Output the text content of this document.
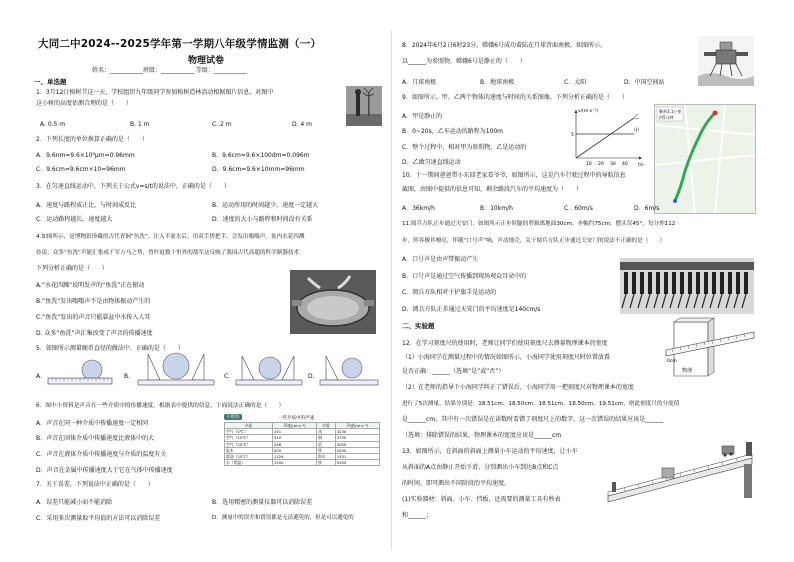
大同二中2024--2025学年第一学期八年级学情监测（一）
物理试卷
姓名：___________班级：___________ 等级：___________
一、单选题
1．3月12日植树节这一天，学校组织九年级同学参加植树造林活动根据图片信息，对图中
这小树的高度估测合理的是（　　）
A. 0.5 m	B. 1 m	C. 2 m	D. 4 m
2．下列长度的单位换算正确的是（　　）
A．9.6nm=9.6×10³μm=0.96mm	B．9.6cm=9.6×100dm=0.096m
C．9.6cm=9.6cm×10=96mm	D．9.6cm=9.6×10mm=96mm
3．在匀速直线运动中，下列关于公式v=s/t的说法中，正确的是（　　）
A．速度与路程成正比，与时间成反比	B．运动所用的时间越少，速度一定越大
C．运动路程越长，速度越大	D．速度的大小与路程和时间没有关系
4.如图所示，是博物馆珍藏的古代青铜“鱼洗”，注入半盆水后，用双手搓把手，会发出嗡嗡声，盆内水花四溅
传说，众多“鱼洗”声能汇集成千军万马之势，曾吓退数十里外的敌军这反映了我国古代高超的科学制器技术
下列分析正确的是（　　）
A.“水花四溅”说明发声的“鱼洗”正在振动
B.“鱼洗”发出嗡嗡声不是由物体振动产生的
C.“鱼洗”发出的声音只能靠盆中水传入人耳
D. 众多“鱼洗”声汇集改变了声音的传播速度
5．如图所示测量硬币直径的做法中，正确的是（　　）
A.	B.	C.	D.
6．图中小资料是声音在一些介质中的传播速度，根据表中提供的信息，下面说法正确的是（　　）
A．声音在同一种介质中传播速度一定相同
B．声音在固体介质中传播速度比液体中的大
C．声音在液体介质中传播速度与介质的温度有关
D．声音在金属中传播速度大于它在气体中传播速度
小资料	一些介质中的声速
介质	声速/(m·s⁻¹)	介质	声速/(m·s⁻¹)
空气（0℃）	331	冰	3230
空气（15℃）	340	铜	3750
空气（25℃）	346	铝	5000
软木	500	铁	5200
煤油（25℃）	1324	海水	1531
水（常温）	1500	铁	5200
7．关于误差，下列说法中正确的是（　　）
A．误差只能减小而不能消除	B．选用精密的测量仪器可以消除误差
C．采用多次测量取平均值的方法可以消除误差	D．测量中的误差和错误都是无法避免的，但是可以避免的
8．2024年6月2日6时23分，嫦娥6号成功着陆在月球背面南极，如图所示，
以______为参照物，嫦娥6号是静止的（　　）
A．月球南极	B．地球南极	C．太阳	D．中国空间站
9．如图所示，甲、乙两个物体的速度与时间的关系图像，下列分析正确的是（　　）
A．甲是静止的
B．0~20s，乙车运动的路程为100m
C．整个过程中，相对甲为参照物，乙是运动的
D．乙做匀速直线运动
v/(m·s⁻¹)
t/s
5
甲
乙
10 20 30 40
剩余3.1公里
约5分钟
10．十一期间爸爸带小东回老家看爷爷，如图所示，这是汽车行驶过程中的导航信息
截图，由图中提供的信息可知，剩余路段汽车的平均速度为（　　）
A．36km/h	B．10km/h	C．60m/s	D．6m/s
11.阅兵方队正步通过天安门，如图所示正步时腿的剪辑离地面30cm，步幅约75cm，摆头仅45°，每分钟112
步，阵容极其嘹亮，伴随“口号声”响，声动地壳，关于阅兵方队正步通过天安门的说法不正确的是（　　）
A．口号声是由声带振动产生
B．口号声是通过空气传播到现场观众耳朵中的
C．阅兵方队相对于护旗手是运动的
D．阅兵方队正步通过天安门的平均速度是140cm/s
二、实验题
12．在学习刻度尺的使用时，老师让同学们使用刻度尺去测量物理课本的宽度
（1）小海同学在测量过程中的情况如图所示，小海同学使用刻度尺时位置放置
是否正确：______（选填“是”或“否”）
（2）在老师的指导下小海同学纠正了错误后，小海同学用一把刻度尺对物理课本的宽度
进行了5次测量，结果分别是：18.51cm、18.50cm、18.51cm、18.50cm、19.51cm，则此刻度尺的分度值
是______cm，其中有一次错误是在读数时看错了刻度尺上的数字，这一次错误的结果应该是______
（选填：排除错误的结果，物理课本的宽度应该是______cm
物理
0cm
13．如图所示，在斜面的斜面上测量小车运动的平均速度，让小车
从斜面的A点由静止开始下滑，分别测出小车到达B点和C点
的时间，即可测出不同阶段的平均速度。
(1)实验器材：斜面、小车、挡板，还需要的测量工具有秒表
和______；
